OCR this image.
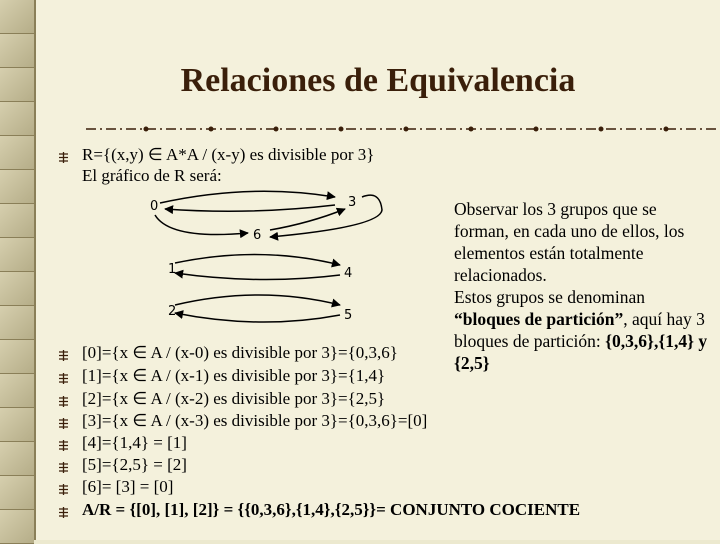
Relaciones de Equivalencia
R={(x,y) ∈ A*A / (x-y) es divisible por 3}
El gráfico de R será:
0	3
6
1	4
2	5
Observar los 3 grupos que se forman, en cada uno de ellos, los elementos están totalmente relacionados.
Estos grupos se denominan “bloques de partición”, aquí hay 3 bloques de partición: {0,3,6},{1,4} y {2,5}
[0]={x ∈ A / (x-0) es divisible por 3}={0,3,6}
[1]={x ∈ A / (x-1) es divisible por 3}={1,4}
[2]={x ∈ A / (x-2) es divisible por 3}={2,5}
[3]={x ∈ A / (x-3) es divisible por 3}={0,3,6}=[0]
[4]={1,4} = [1]
[5]={2,5} = [2]
[6]= [3] = [0]
A/R = {[0], [1], [2]} = {{0,3,6},{1,4},{2,5}}= CONJUNTO COCIENTE
